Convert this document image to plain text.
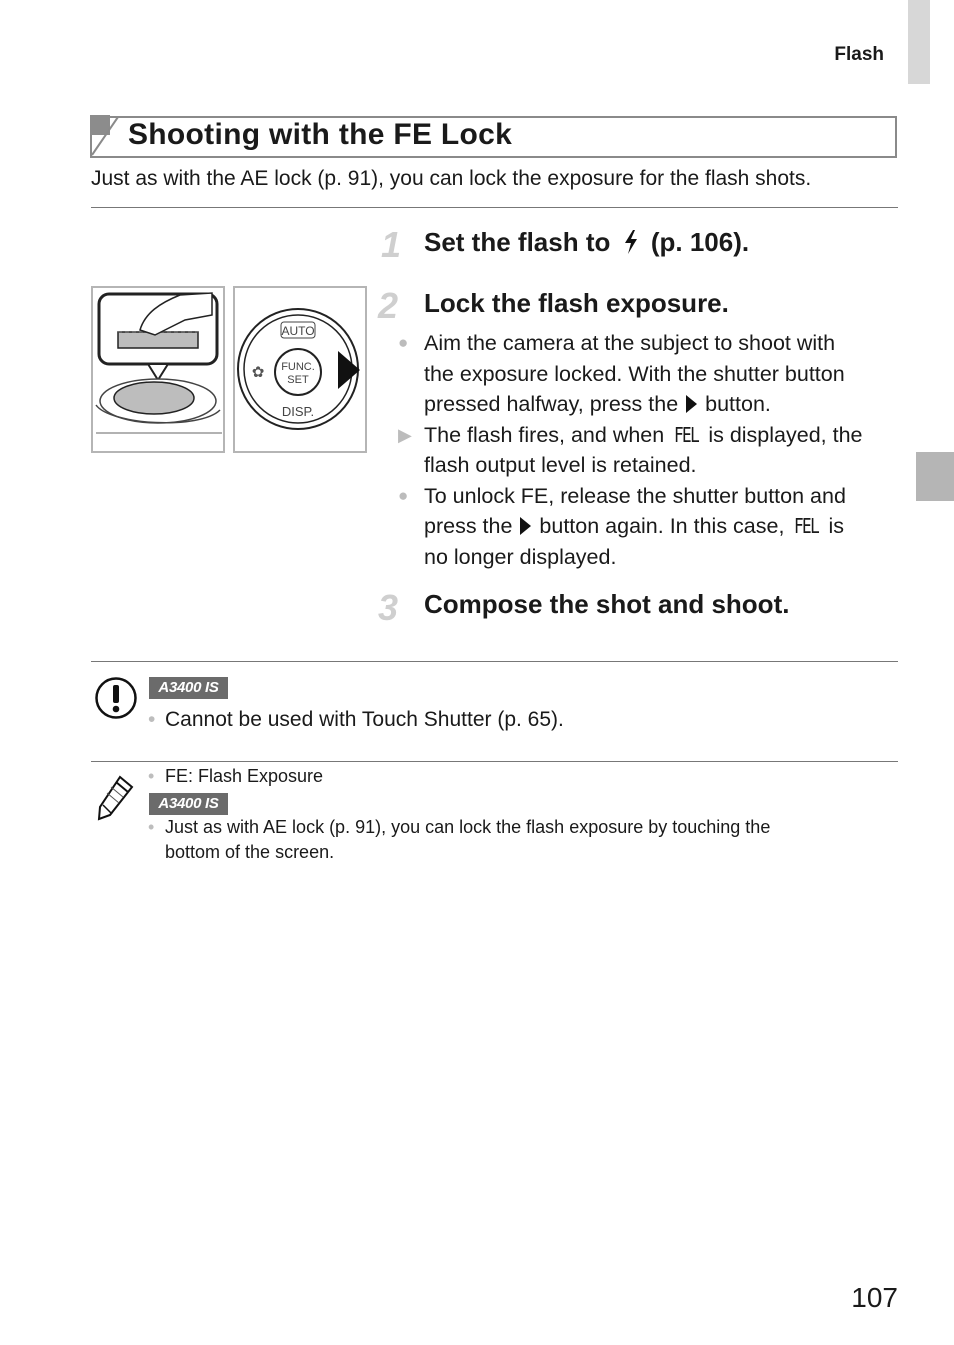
Flash
Shooting with the FE Lock
Just as with the AE lock (p. 91), you can lock the exposure for the flash shots.
1 Set the flash to (p. 106).
2 Lock the flash exposure.
● Aim the camera at the subject to shoot with
the exposure locked. With the shutter button
pressed halfway, press the button.
▶ The flash fires, and when FEL is displayed, the
flash output level is retained.
● To unlock FE, release the shutter button and
press the button again. In this case, FEL is
no longer displayed.
3 Compose the shot and shoot.
AUTO
FUNC.
SET
DISP.
✿
A3400 IS
• Cannot be used with Touch Shutter (p. 65).
• FE: Flash Exposure
A3400 IS
• Just as with AE lock (p. 91), you can lock the flash exposure by touching the
bottom of the screen.
107
